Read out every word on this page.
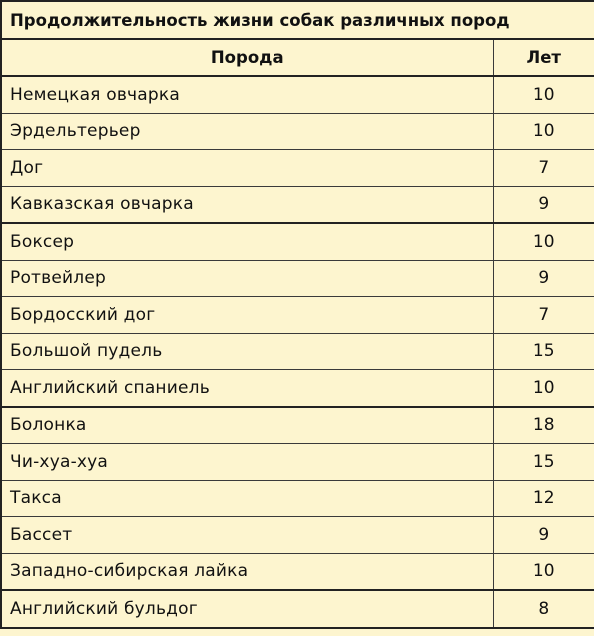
Продолжительность жизни собак различных пород	
Порода	Лет
Немецкая овчарка	10
Эрдельтерьер	10
Дог	7
Кавказская овчарка	9
Боксер	10
Ротвейлер	9
Бордосский дог	7
Большой пудель	15
Английский спаниель	10
Болонка	18
Чи-хуа-хуа	15
Такса	12
Бассет	9
Западно-сибирская лайка	10
Английский бульдог	8
